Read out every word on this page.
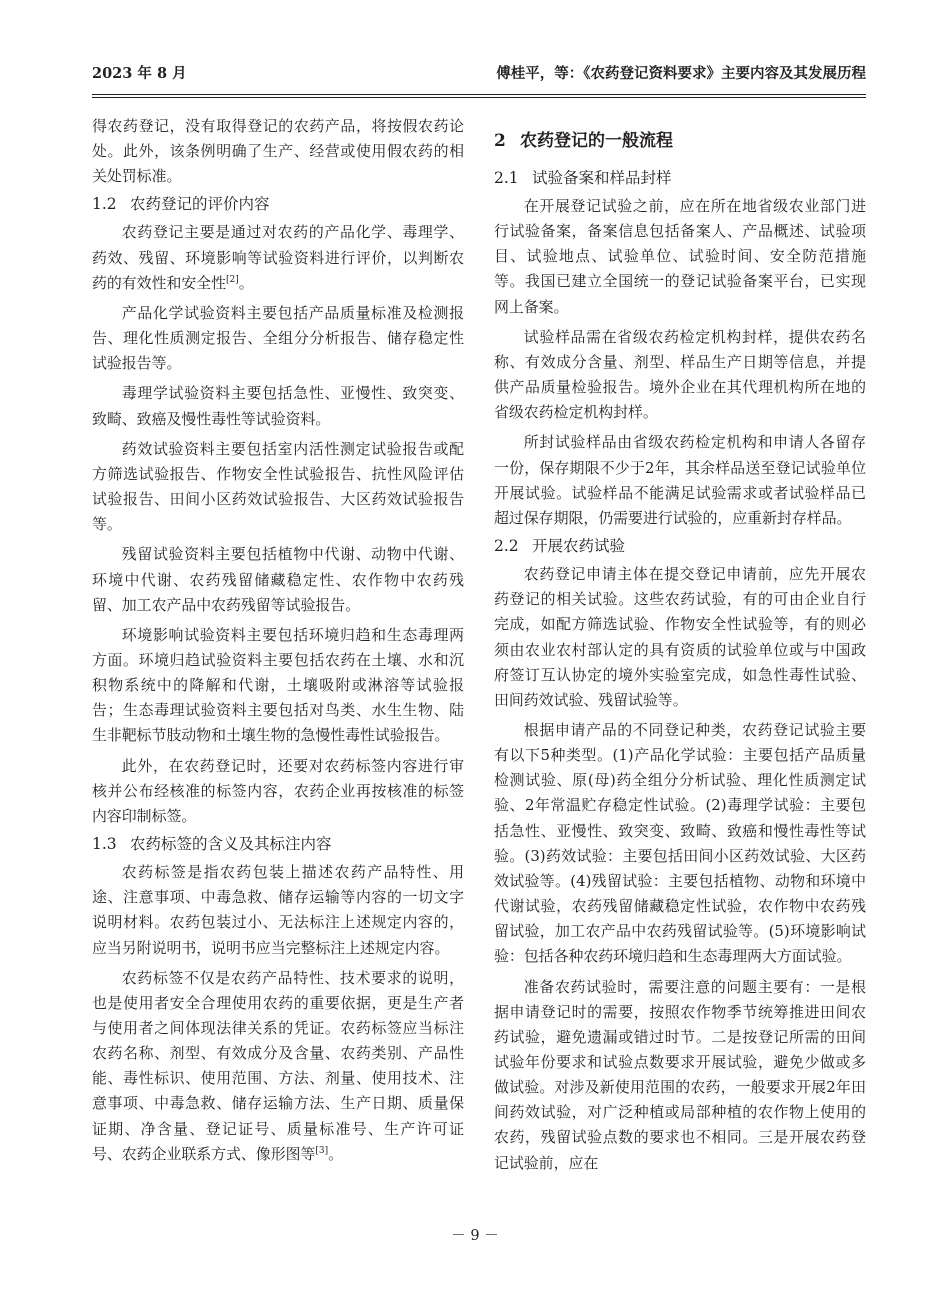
2023 年 8 月	傅桂平，等：《农药登记资料要求》主要内容及其发展历程

得农药登记，没有取得登记的农药产品，将按假农药论处。此外，该条例明确了生产、经营或使用假农药的相关处罚标准。

1.2 农药登记的评价内容

农药登记主要是通过对农药的产品化学、毒理学、药效、残留、环境影响等试验资料进行评价，以判断农药的有效性和安全性[2]。

产品化学试验资料主要包括产品质量标准及检测报告、理化性质测定报告、全组分分析报告、储存稳定性试验报告等。

毒理学试验资料主要包括急性、亚慢性、致突变、致畸、致癌及慢性毒性等试验资料。

药效试验资料主要包括室内活性测定试验报告或配方筛选试验报告、作物安全性试验报告、抗性风险评估试验报告、田间小区药效试验报告、大区药效试验报告等。

残留试验资料主要包括植物中代谢、动物中代谢、环境中代谢、农药残留储藏稳定性、农作物中农药残留、加工农产品中农药残留等试验报告。

环境影响试验资料主要包括环境归趋和生态毒理两方面。环境归趋试验资料主要包括农药在土壤、水和沉积物系统中的降解和代谢，土壤吸附或淋溶等试验报告；生态毒理试验资料主要包括对鸟类、水生生物、陆生非靶标节肢动物和土壤生物的急慢性毒性试验报告。

此外，在农药登记时，还要对农药标签内容进行审核并公布经核准的标签内容，农药企业再按核准的标签内容印制标签。

1.3 农药标签的含义及其标注内容

农药标签是指农药包装上描述农药产品特性、用途、注意事项、中毒急救、储存运输等内容的一切文字说明材料。农药包装过小、无法标注上述规定内容的，应当另附说明书，说明书应当完整标注上述规定内容。

农药标签不仅是农药产品特性、技术要求的说明，也是使用者安全合理使用农药的重要依据，更是生产者与使用者之间体现法律关系的凭证。农药标签应当标注农药名称、剂型、有效成分及含量、农药类别、产品性能、毒性标识、使用范围、方法、剂量、使用技术、注意事项、中毒急救、储存运输方法、生产日期、质量保证期、净含量、登记证号、质量标准号、生产许可证号、农药企业联系方式、像形图等[3]。

2 农药登记的一般流程
2.1 试验备案和样品封样

在开展登记试验之前，应在所在地省级农业部门进行试验备案，备案信息包括备案人、产品概述、试验项目、试验地点、试验单位、试验时间、安全防范措施等。我国已建立全国统一的登记试验备案平台，已实现网上备案。

试验样品需在省级农药检定机构封样，提供农药名称、有效成分含量、剂型、样品生产日期等信息，并提供产品质量检验报告。境外企业在其代理机构所在地的省级农药检定机构封样。

所封试验样品由省级农药检定机构和申请人各留存一份，保存期限不少于2年，其余样品送至登记试验单位开展试验。试验样品不能满足试验需求或者试验样品已超过保存期限，仍需要进行试验的，应重新封存样品。

2.2 开展农药试验

农药登记申请主体在提交登记申请前，应先开展农药登记的相关试验。这些农药试验，有的可由企业自行完成，如配方筛选试验、作物安全性试验等，有的则必须由农业农村部认定的具有资质的试验单位或与中国政府签订互认协定的境外实验室完成，如急性毒性试验、田间药效试验、残留试验等。

根据申请产品的不同登记种类，农药登记试验主要有以下5种类型。(1)产品化学试验：主要包括产品质量检测试验、原(母)药全组分分析试验、理化性质测定试验、2年常温贮存稳定性试验。(2)毒理学试验：主要包括急性、亚慢性、致突变、致畸、致癌和慢性毒性等试验。(3)药效试验：主要包括田间小区药效试验、大区药效试验等。(4)残留试验：主要包括植物、动物和环境中代谢试验，农药残留储藏稳定性试验，农作物中农药残留试验，加工农产品中农药残留试验等。(5)环境影响试验：包括各种农药环境归趋和生态毒理两大方面试验。

准备农药试验时，需要注意的问题主要有：一是根据申请登记时的需要，按照农作物季节统筹推进田间农药试验，避免遗漏或错过时节。二是按登记所需的田间试验年份要求和试验点数要求开展试验，避免少做或多做试验。对涉及新使用范围的农药，一般要求开展2年田间药效试验，对广泛种植或局部种植的农作物上使用的农药，残留试验点数的要求也不相同。三是开展农药登记试验前，应在

－ 9 －
